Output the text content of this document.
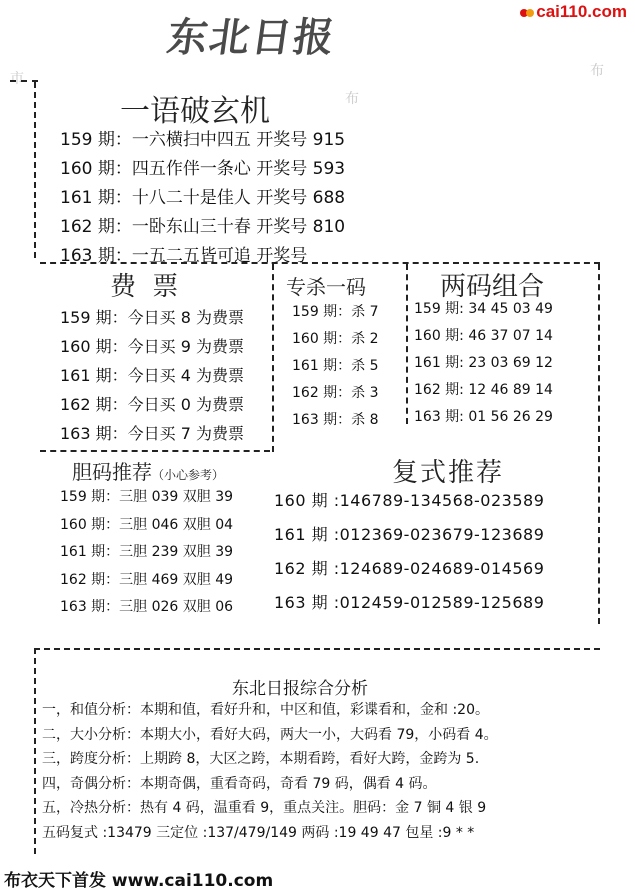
东北日报
cai110.com
市
布
布
一语破玄机
159 期：一六横扫中四五 开奖号 915
160 期：四五作伴一条心 开奖号 593
161 期：十八二十是佳人 开奖号 688
162 期：一卧东山三十春 开奖号 810
163 期：一五二五皆可追 开奖号
费 票
159 期：今日买 8 为费票
160 期：今日买 9 为费票
161 期：今日买 4 为费票
162 期：今日买 0 为费票
163 期：今日买 7 为费票
专杀一码
159 期：杀 7
160 期：杀 2
161 期：杀 5
162 期：杀 3
163 期：杀 8
两码组合
159 期: 34 45 03 49
160 期: 46 37 07 14
161 期: 23 03 69 12
162 期: 12 46 89 14
163 期: 01 56 26 29
胆码推荐（小心参考）
159 期：三胆 039 双胆 39
160 期：三胆 046 双胆 04
161 期：三胆 239 双胆 39
162 期：三胆 469 双胆 49
163 期：三胆 026 双胆 06
复式推荐
160 期 :146789-134568-023589
161 期 :012369-023679-123689
162 期 :124689-024689-014569
163 期 :012459-012589-125689
东北日报综合分析
一，和值分析：本期和值，看好升和，中区和值，彩谍看和，金和 :20。
二，大小分析：本期大小，看好大码，两大一小，大码看 79，小码看 4。
三，跨度分析：上期跨 8，大区之跨，本期看跨，看好大跨，金跨为 5.
四，奇偶分析：本期奇偶，重看奇码，奇看 79 码，偶看 4 码。
五，冷热分析：热有 4 码，温重看 9，重点关注。胆码：金 7 铜 4 银 9
五码复式 :13479 三定位 :137/479/149 两码 :19 49 47 包星 :9 * *
布衣天下首发 www.cai110.com
